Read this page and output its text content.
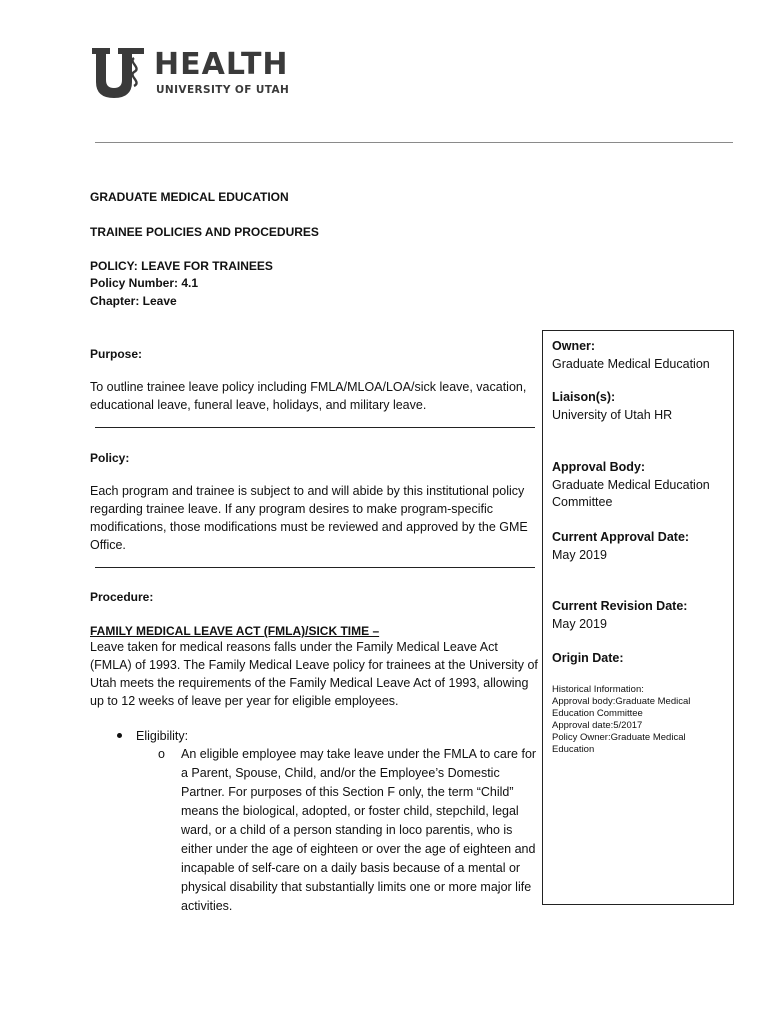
HEALTH
UNIVERSITY OF UTAH
GRADUATE MEDICAL EDUCATION
TRAINEE POLICIES AND PROCEDURES
POLICY: LEAVE FOR TRAINEES
Policy Number: 4.1
Chapter: Leave
Purpose:

To outline trainee leave policy including FMLA/MLOA/LOA/sick leave, vacation, educational leave, funeral leave, holidays, and military leave.

Policy:

Each program and trainee is subject to and will abide by this institutional policy regarding trainee leave. If any program desires to make program-specific modifications, those modifications must be reviewed and approved by the GME Office.

Procedure:
FAMILY MEDICAL LEAVE ACT (FMLA)/SICK TIME –

Leave taken for medical reasons falls under the Family Medical Leave Act (FMLA) of 1993. The Family Medical Leave policy for trainees at the University of Utah meets the requirements of the Family Medical Leave Act of 1993, allowing up to 12 weeks of leave per year for eligible employees.

Eligibility:
o An eligible employee may take leave under the FMLA to care for a Parent, Spouse, Child, and/or the Employee’s Domestic Partner. For purposes of this Section F only, the term “Child” means the biological, adopted, or foster child, stepchild, legal ward, or a child of a person standing in loco parentis, who is either under the age of eighteen or over the age of eighteen and incapable of self-care on a daily basis because of a mental or physical disability that substantially limits one or more major life activities.
Owner:
Graduate Medical Education
Liaison(s):
University of Utah HR
Approval Body:
Graduate Medical Education Committee
Current Approval Date:
May 2019
Current Revision Date:
May 2019
Origin Date:
Historical Information:
Approval body:Graduate Medical Education Committee
Approval date:5/2017
Policy Owner:Graduate Medical Education
